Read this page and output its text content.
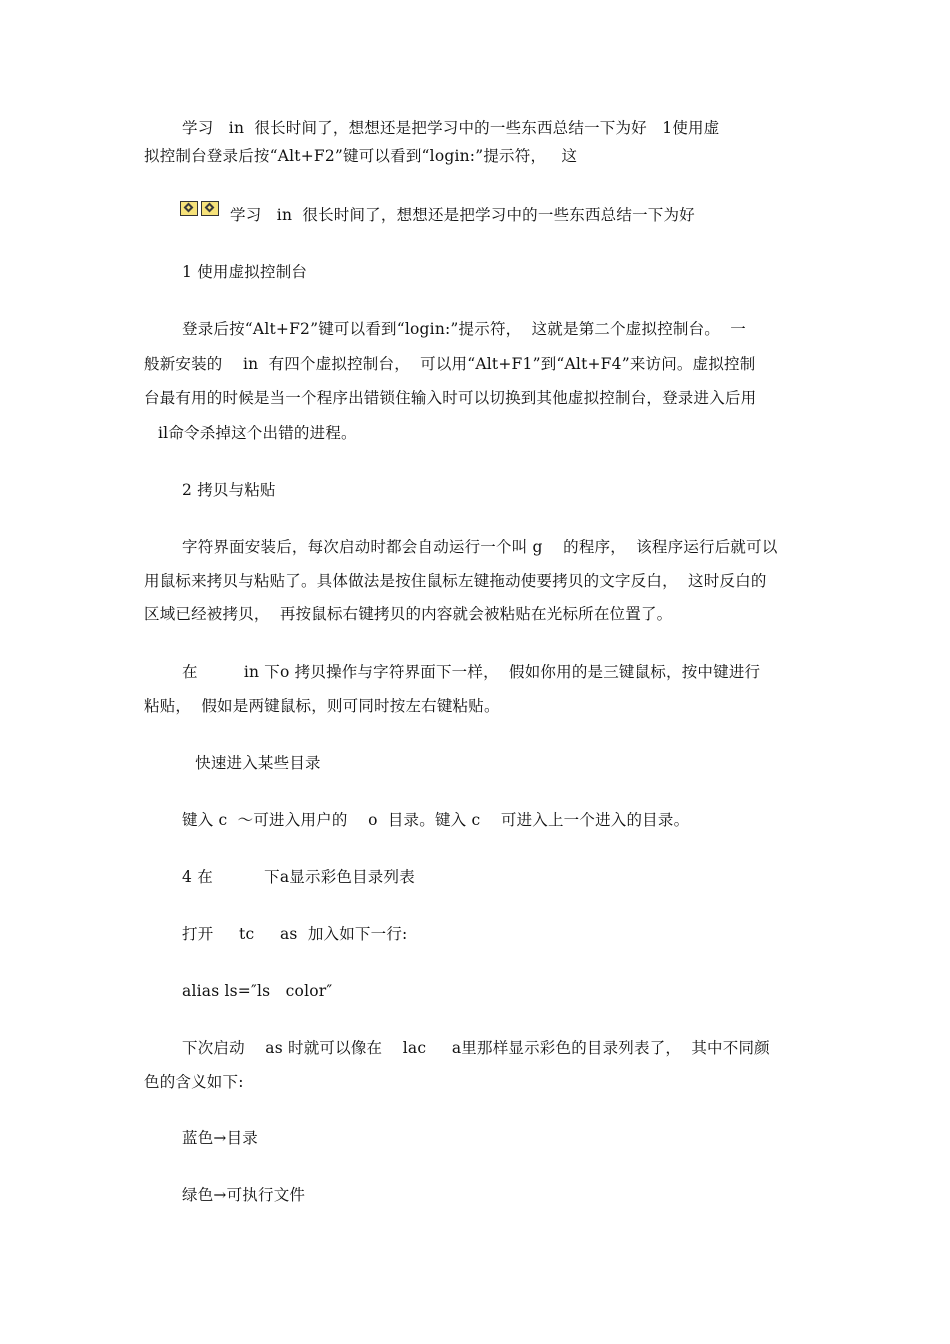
学习   in  很长时间了，想想还是把学习中的一些东西总结一下为好   1使用虚
拟控制台登录后按“Alt+F2”键可以看到“login:”提示符，   这
学习   in  很长时间了，想想还是把学习中的一些东西总结一下为好
1 使用虚拟控制台
登录后按“Alt+F2”键可以看到“login:”提示符，  这就是第二个虚拟控制台。  一
般新安装的    in  有四个虚拟控制台，  可以用“Alt+F1”到“Alt+F4”来访问。虚拟控制
台最有用的时候是当一个程序出错锁住输入时可以切换到其他虚拟控制台，登录进入后用
il命令杀掉这个出错的进程。
2 拷贝与粘贴
字符界面安装后，每次启动时都会自动运行一个叫 g    的程序，  该程序运行后就可以
用鼠标来拷贝与粘贴了。具体做法是按住鼠标左键拖动使要拷贝的文字反白，  这时反白的
区域已经被拷贝，  再按鼠标右键拷贝的内容就会被粘贴在光标所在位置了。
在         in 下o 拷贝操作与字符界面下一样，  假如你用的是三键鼠标，按中键进行
粘贴，  假如是两键鼠标，则可同时按左右键粘贴。
快速进入某些目录
键入 c  ～可进入用户的    o  目录。键入 c    可进入上一个进入的目录。
4 在          下a显示彩色目录列表
打开     tc     as  加入如下一行:
alias ls=″ls   color″
下次启动    as 时就可以像在    lac     a里那样显示彩色的目录列表了，  其中不同颜
色的含义如下:
蓝色→目录
绿色→可执行文件
